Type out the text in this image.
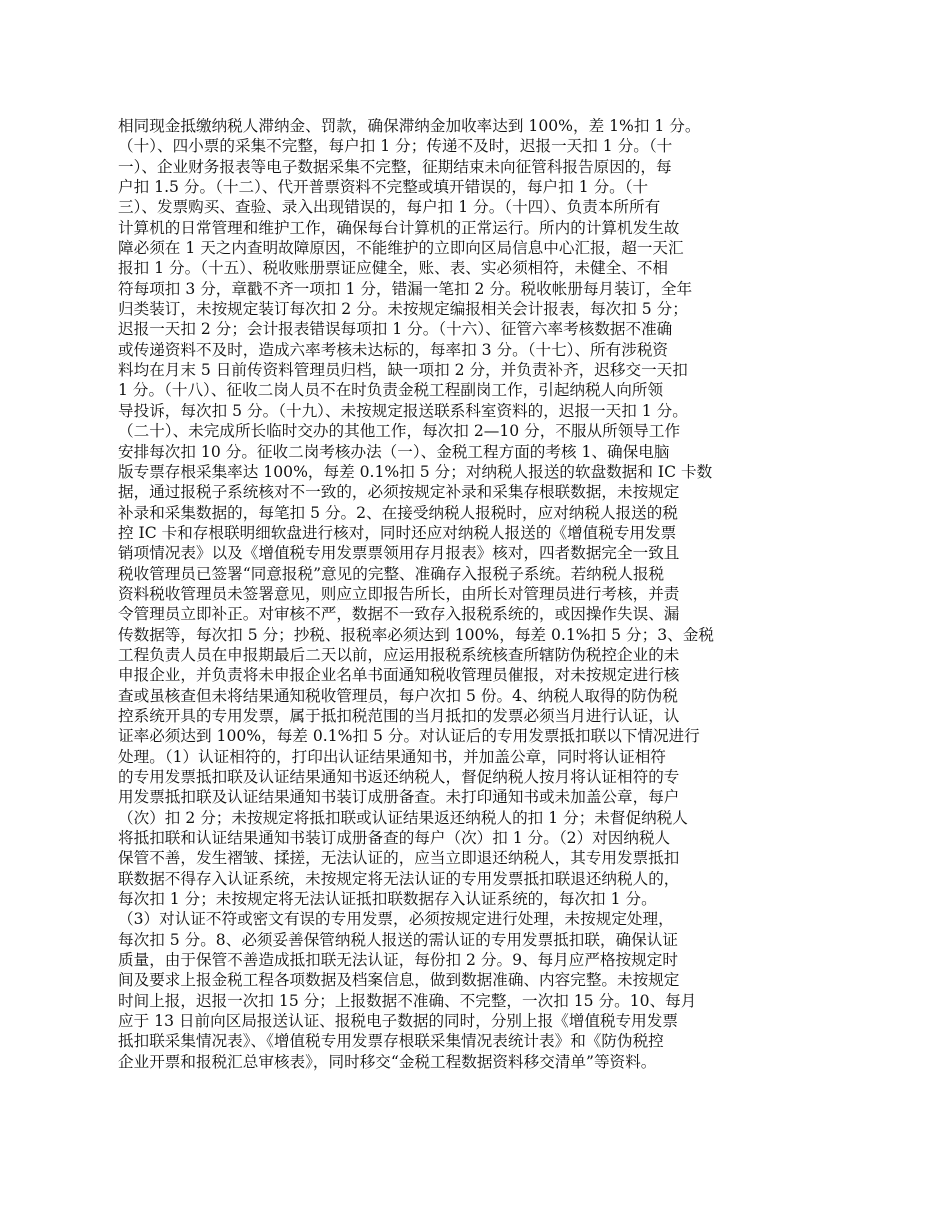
相同现金抵缴纳税人滞纳金、罚款，确保滞纳金加收率达到 100%，差 1%扣 1 分。
（十）、四小票的采集不完整，每户扣 1 分；传递不及时，迟报一天扣 1 分。（十
一）、企业财务报表等电子数据采集不完整，征期结束未向征管科报告原因的，每
户扣 1.5 分。（十二）、代开普票资料不完整或填开错误的，每户扣 1 分。（十
三）、发票购买、查验、录入出现错误的，每户扣 1 分。（十四）、负责本所所有
计算机的日常管理和维护工作，确保每台计算机的正常运行。所内的计算机发生故
障必须在 1 天之内查明故障原因，不能维护的立即向区局信息中心汇报，超一天汇
报扣 1 分。（十五）、税收账册票证应健全，账、表、实必须相符，未健全、不相
符每项扣 3 分，章戳不齐一项扣 1 分，错漏一笔扣 2 分。税收帐册每月装订，全年
归类装订，未按规定装订每次扣 2 分。未按规定编报相关会计报表，每次扣 5 分；
迟报一天扣 2 分；会计报表错误每项扣 1 分。（十六）、征管六率考核数据不准确
或传递资料不及时，造成六率考核未达标的，每率扣 3 分。（十七）、所有涉税资
料均在月末 5 日前传资料管理员归档，缺一项扣 2 分，并负责补齐，迟移交一天扣
1 分。（十八）、征收二岗人员不在时负责金税工程副岗工作，引起纳税人向所领
导投诉，每次扣 5 分。（十九）、未按规定报送联系科室资料的，迟报一天扣 1 分。
（二十）、未完成所长临时交办的其他工作，每次扣 2—10 分，不服从所领导工作
安排每次扣 10 分。征收二岗考核办法（一）、金税工程方面的考核 1、确保电脑
版专票存根采集率达 100%，每差 0.1%扣 5 分；对纳税人报送的软盘数据和 IC 卡数
据，通过报税子系统核对不一致的，必须按规定补录和采集存根联数据，未按规定
补录和采集数据的，每笔扣 5 分。2、在接受纳税人报税时，应对纳税人报送的税
控 IC 卡和存根联明细软盘进行核对，同时还应对纳税人报送的《增值税专用发票
销项情况表》以及《增值税专用发票票领用存月报表》核对，四者数据完全一致且
税收管理员已签署“同意报税”意见的完整、准确存入报税子系统。若纳税人报税
资料税收管理员未签署意见，则应立即报告所长，由所长对管理员进行考核，并责
令管理员立即补正。对审核不严，数据不一致存入报税系统的，或因操作失误、漏
传数据等，每次扣 5 分；抄税、报税率必须达到 100%，每差 0.1%扣 5 分；3、金税
工程负责人员在申报期最后二天以前，应运用报税系统核查所辖防伪税控企业的未
申报企业，并负责将未申报企业名单书面通知税收管理员催报，对未按规定进行核
查或虽核查但未将结果通知税收管理员，每户次扣 5 份。4、纳税人取得的防伪税
控系统开具的专用发票，属于抵扣税范围的当月抵扣的发票必须当月进行认证，认
证率必须达到 100%，每差 0.1%扣 5 分。对认证后的专用发票抵扣联以下情况进行
处理。（1）认证相符的，打印出认证结果通知书，并加盖公章，同时将认证相符
的专用发票抵扣联及认证结果通知书返还纳税人，督促纳税人按月将认证相符的专
用发票抵扣联及认证结果通知书装订成册备查。未打印通知书或未加盖公章，每户
（次）扣 2 分；未按规定将抵扣联或认证结果返还纳税人的扣 1 分；未督促纳税人
将抵扣联和认证结果通知书装订成册备查的每户（次）扣 1 分。（2）对因纳税人
保管不善，发生褶皱、揉搓，无法认证的，应当立即退还纳税人，其专用发票抵扣
联数据不得存入认证系统，未按规定将无法认证的专用发票抵扣联退还纳税人的，
每次扣 1 分；未按规定将无法认证抵扣联数据存入认证系统的，每次扣 1 分。
（3）对认证不符或密文有误的专用发票，必须按规定进行处理，未按规定处理，
每次扣 5 分。8、必须妥善保管纳税人报送的需认证的专用发票抵扣联，确保认证
质量，由于保管不善造成抵扣联无法认证，每份扣 2 分。9、每月应严格按规定时
间及要求上报金税工程各项数据及档案信息，做到数据准确、内容完整。未按规定
时间上报，迟报一次扣 15 分；上报数据不准确、不完整，一次扣 15 分。10、每月
应于 13 日前向区局报送认证、报税电子数据的同时，分别上报《增值税专用发票
抵扣联采集情况表》、《增值税专用发票存根联采集情况表统计表》和《防伪税控
企业开票和报税汇总审核表》，同时移交“金税工程数据资料移交清单”等资料。
